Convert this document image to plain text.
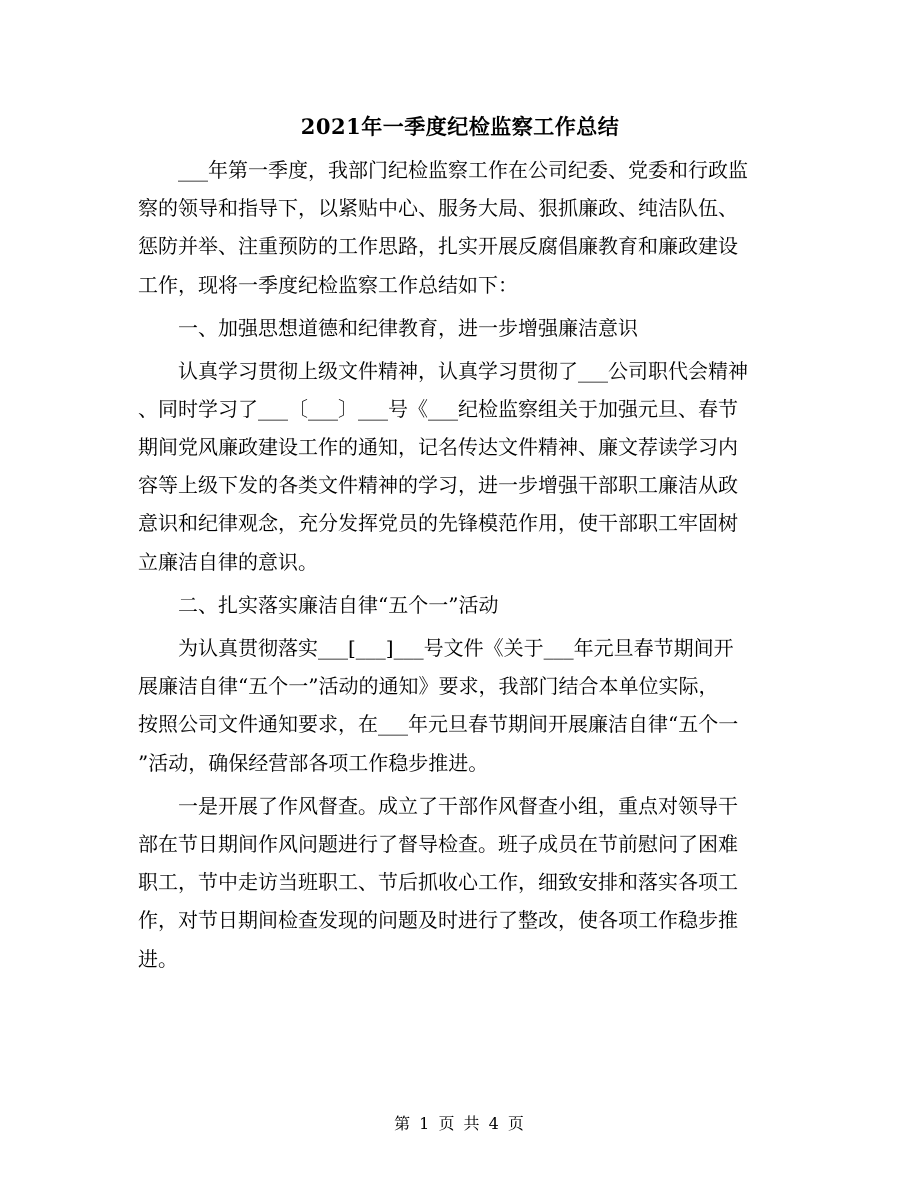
2021年一季度纪检监察工作总结

　　___年第一季度，我部门纪检监察工作在公司纪委、党委和行政监

察的领导和指导下，以紧贴中心、服务大局、狠抓廉政、纯洁队伍、

惩防并举、注重预防的工作思路，扎实开展反腐倡廉教育和廉政建设

工作，现将一季度纪检监察工作总结如下：

　　一、加强思想道德和纪律教育，进一步增强廉洁意识

　　认真学习贯彻上级文件精神，认真学习贯彻了___公司职代会精神

、同时学习了___〔___〕___号《___纪检监察组关于加强元旦、春节

期间党风廉政建设工作的通知，记名传达文件精神、廉文荐读学习内

容等上级下发的各类文件精神的学习，进一步增强干部职工廉洁从政

意识和纪律观念，充分发挥党员的先锋模范作用，使干部职工牢固树

立廉洁自律的意识。

　　二、扎实落实廉洁自律“五个一”活动

　　为认真贯彻落实___[___]___号文件《关于___年元旦春节期间开

展廉洁自律“五个一”活动的通知》要求，我部门结合本单位实际，

按照公司文件通知要求，在___年元旦春节期间开展廉洁自律“五个一

”活动，确保经营部各项工作稳步推进。

　　一是开展了作风督查。成立了干部作风督查小组，重点对领导干

部在节日期间作风问题进行了督导检查。班子成员在节前慰问了困难

职工，节中走访当班职工、节后抓收心工作，细致安排和落实各项工

作，对节日期间检查发现的问题及时进行了整改，使各项工作稳步推

进。

第 1 页 共 4 页
